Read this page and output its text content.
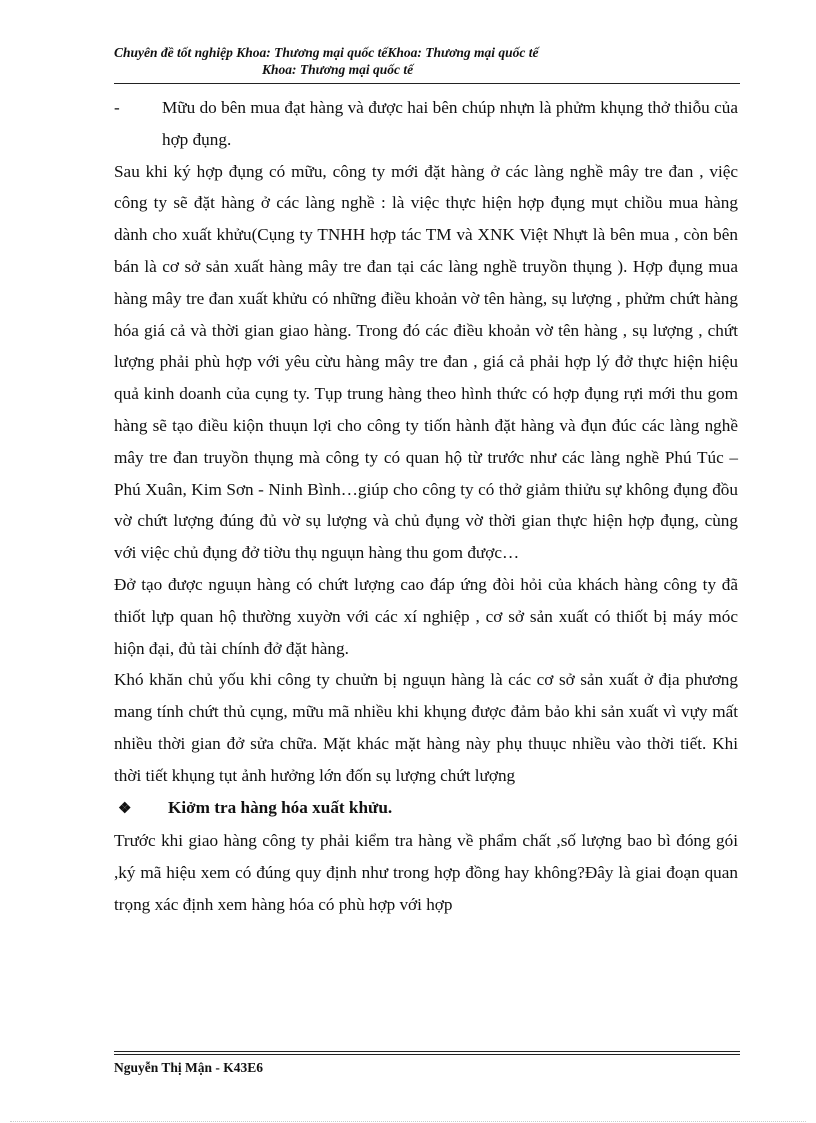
Chuyên đề tốt nghiệp Khoa: Thương mại quốc tếKhoa: Thương mại quốc tế
Khoa: Thương mại quốc tế

-	Mữu do bên mua đạt hàng và được hai bên chúp nhựn là phửm khụng thở thiỗu của hợp đụng.

Sau khi ký hợp đụng có mữu, công ty mới đặt hàng ở các làng nghề mây tre đan , việc công ty sẽ đặt hàng ở các làng nghề : là việc thực hiện hợp đụng mụt chiồu mua hàng dành cho xuất khửu(Cụng ty TNHH hợp tác TM và XNK Việt Nhựt là bên mua , còn bên bán là cơ sở sản xuất hàng mây tre đan tại các làng nghề truyồn thụng ). Hợp đụng mua hàng mây tre đan xuất khửu có những điều khoản vờ tên hàng, sụ lượng , phửm chứt hàng hóa giá cả và thời gian giao hàng. Trong đó các điều khoản vờ tên hàng , sụ lượng , chứt lượng phải phù hợp với yêu cừu hàng mây tre đan , giá cả phải hợp lý đở thực hiện hiệu quả kinh doanh của cụng ty. Tụp trung hàng theo hình thức có hợp đụng rựi mới thu gom hàng sẽ tạo điều kiộn thuụn lợi cho công ty tiốn hành đặt hàng và đụn đúc các làng nghề mây tre đan truyồn thụng mà công ty có quan hộ từ trước như các làng nghề Phú Túc –Phú Xuân, Kim Sơn - Ninh Bình…giúp cho công ty có thở giảm thiửu sự không đụng đồu vờ chứt lượng đúng đủ vờ sụ lượng và chủ đụng vờ thời gian thực hiện hợp đụng, cùng với việc chủ đụng đở tiờu thụ nguụn hàng thu gom được…

Đở tạo được nguụn hàng có chứt lượng cao đáp ứng đòi hỏi của khách hàng công ty đã thiốt lựp quan hộ thường xuyờn với các xí nghiệp , cơ sở sản xuất có thiốt bị máy móc hiộn đại, đủ tài chính đở đặt hàng.

Khó khăn chủ yốu khi công ty chuửn bị nguụn hàng là các cơ sở sản xuất ở địa phương mang tính chứt thủ cụng, mữu mã nhiều khi khụng được đảm bảo khi sản xuất vì vựy mất nhiều thời gian đở sửa chữa. Mặt khác mặt hàng này phụ thuục nhiều vào thời tiết. Khi thời tiết khụng tụt ảnh hưởng lớn đốn sụ lượng chứt lượng

❖	Kiởm tra hàng hóa xuất khửu.

Trước khi giao hàng công ty phải kiểm tra hàng về phẩm chất ,số lượng bao bì đóng gói ,ký mã hiệu xem có đúng quy định như trong hợp đồng hay không?Đây là giai đoạn quan trọng xác định xem hàng hóa có phù hợp với hợp

Nguyễn Thị Mận - K43E6
